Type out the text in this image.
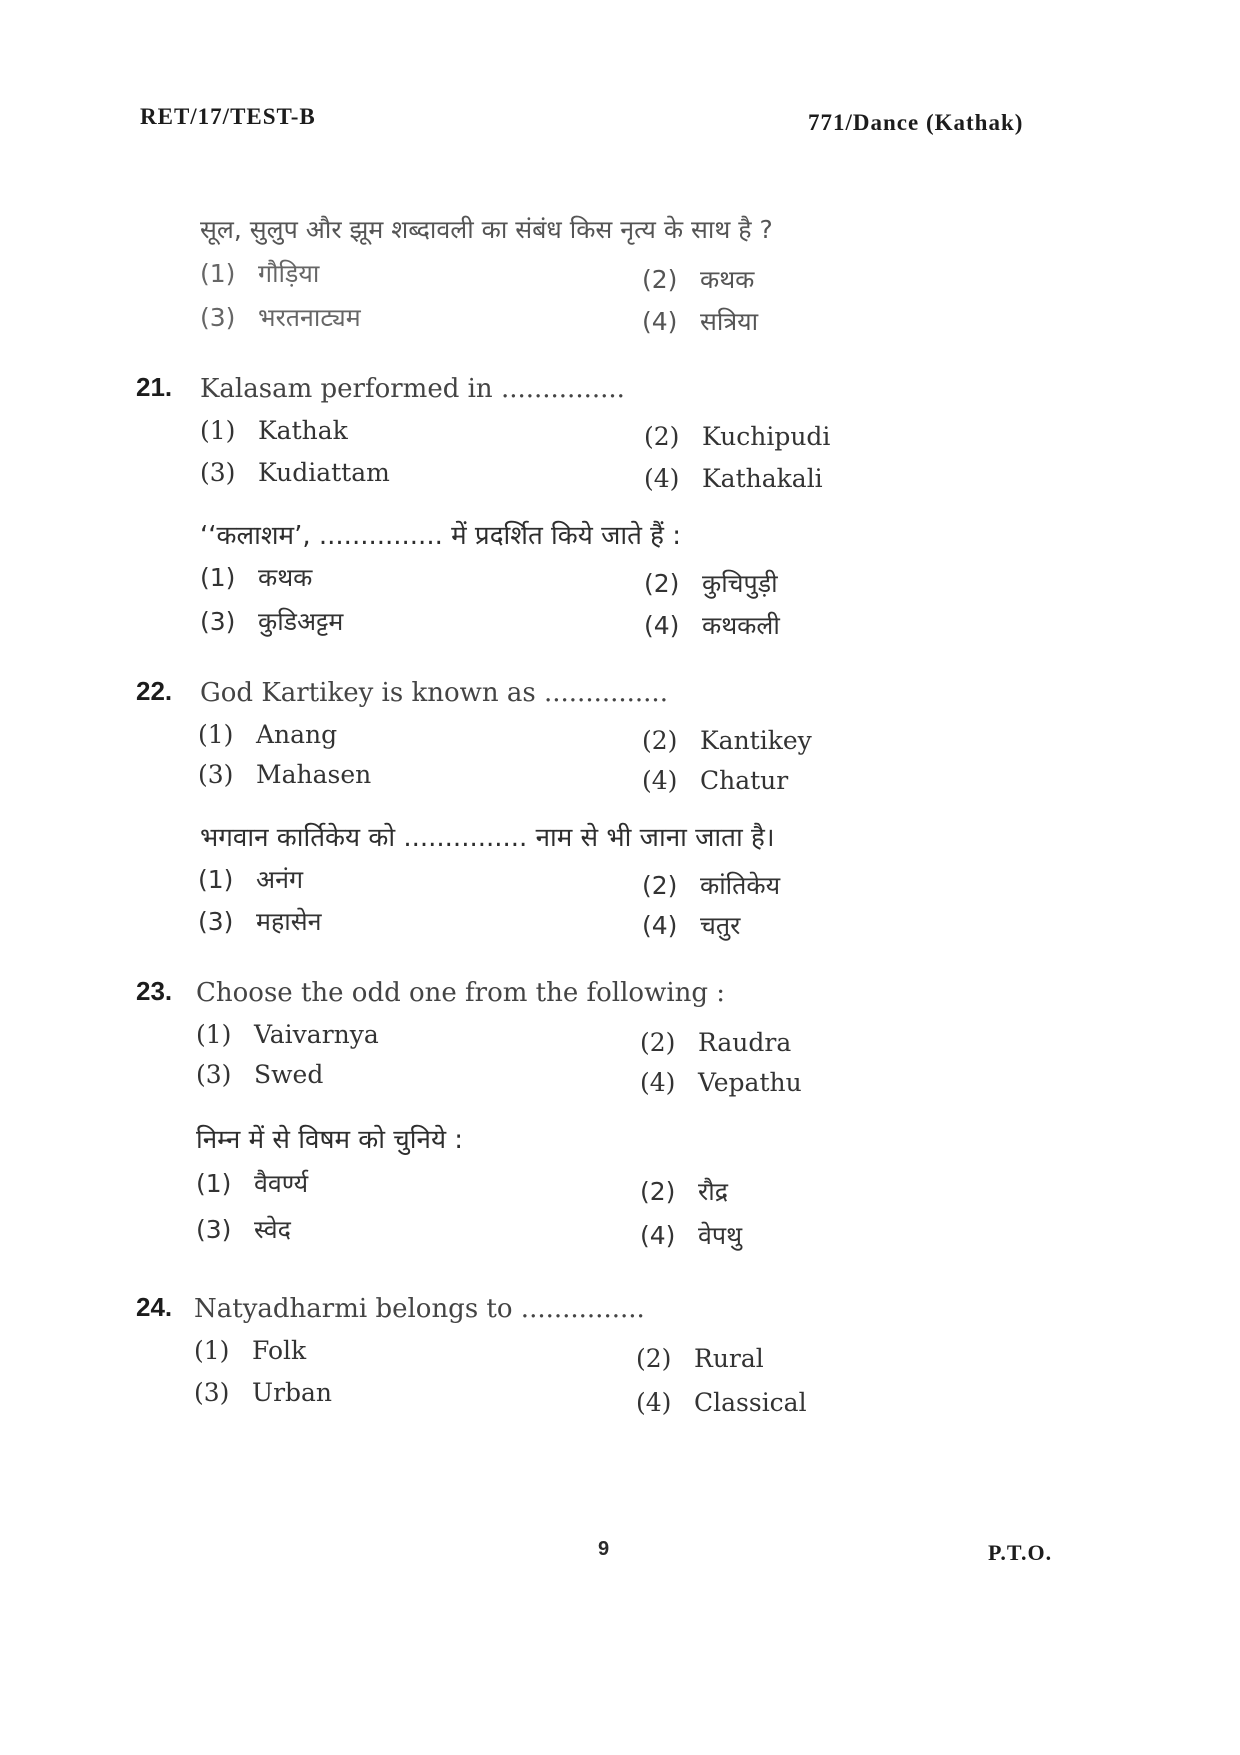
RET/17/TEST-B	771/Dance (Kathak)
सूल, सुलुप और झूम शब्दावली का संबंध किस नृत्य के साथ है ?
(1) गौड़िया	(2) कथक
(3) भरतनाट्यम	(4) सत्रिया
21. Kalasam performed in ...............
(1) Kathak	(2) Kuchipudi
(3) Kudiattam	(4) Kathakali
‘‘कलाशम’, ............... में प्रदर्शित किये जाते हैं :
(1) कथक	(2) कुचिपुड़ी
(3) कुडिअट्टम	(4) कथकली
22. God Kartikey is known as ...............
(1) Anang	(2) Kantikey
(3) Mahasen	(4) Chatur
भगवान कार्तिकेय को ............... नाम से भी जाना जाता है।
(1) अनंग	(2) कांतिकेय
(3) महासेन	(4) चतुर
23. Choose the odd one from the following :
(1) Vaivarnya	(2) Raudra
(3) Swed	(4) Vepathu
निम्न में से विषम को चुनिये :
(1) वैवर्ण्य	(2) रौद्र
(3) स्वेद	(4) वेपथु
24. Natyadharmi belongs to ...............
(1) Folk	(2) Rural
(3) Urban	(4) Classical
9	P.T.O.
